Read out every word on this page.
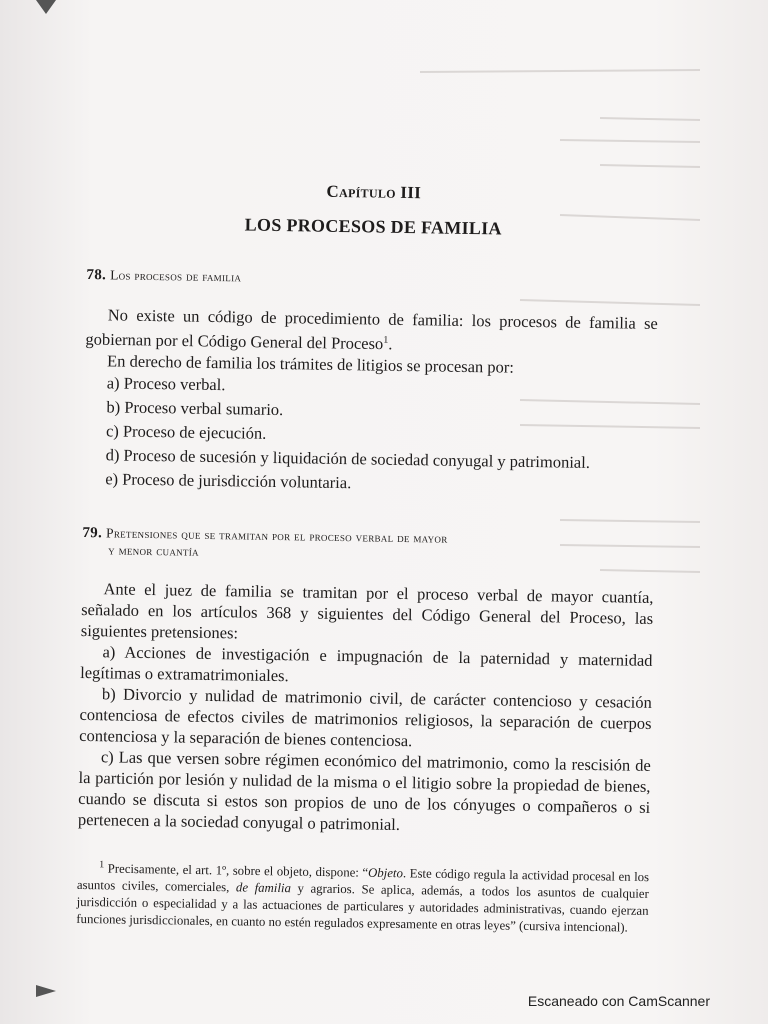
Capítulo III
LOS PROCESOS DE FAMILIA
78. Los procesos de familia

No existe un código de procedimiento de familia: los procesos de familia se gobiernan por el Código General del Proceso$^1$.

En derecho de familia los trámites de litigios se procesan por:

a) Proceso verbal.
b) Proceso verbal sumario.
c) Proceso de ejecución.
d) Proceso de sucesión y liquidación de sociedad conyugal y patrimonial.
e) Proceso de jurisdicción voluntaria.
79. Pretensiones que se tramitan por el proceso verbal de mayor
y menor cuantía

Ante el juez de familia se tramitan por el proceso verbal de mayor cuantía, señalado en los artículos 368 y siguientes del Código General del Proceso, las siguientes pretensiones:

a) Acciones de investigación e impugnación de la paternidad y maternidad legítimas o extramatrimoniales.

b) Divorcio y nulidad de matrimonio civil, de carácter contencioso y cesación contenciosa de efectos civiles de matrimonios religiosos, la separación de cuerpos contenciosa y la separación de bienes contenciosa.

c) Las que versen sobre régimen económico del matrimonio, como la rescisión de la partición por lesión y nulidad de la misma o el litigio sobre la propiedad de bienes, cuando se discuta si estos son propios de uno de los cónyuges o compañeros o si pertenecen a la sociedad conyugal o patrimonial.

$^1$ Precisamente, el art. 1º, sobre el objeto, dispone: “Objeto. Este código regula la actividad procesal en los asuntos civiles, comerciales, de familia y agrarios. Se aplica, además, a todos los asuntos de cualquier jurisdicción o especialidad y a las actuaciones de particulares y autoridades administrativas, cuando ejerzan funciones jurisdiccionales, en cuanto no estén regulados expresamente en otras leyes” (cursiva intencional).

Escaneado con CamScanner
